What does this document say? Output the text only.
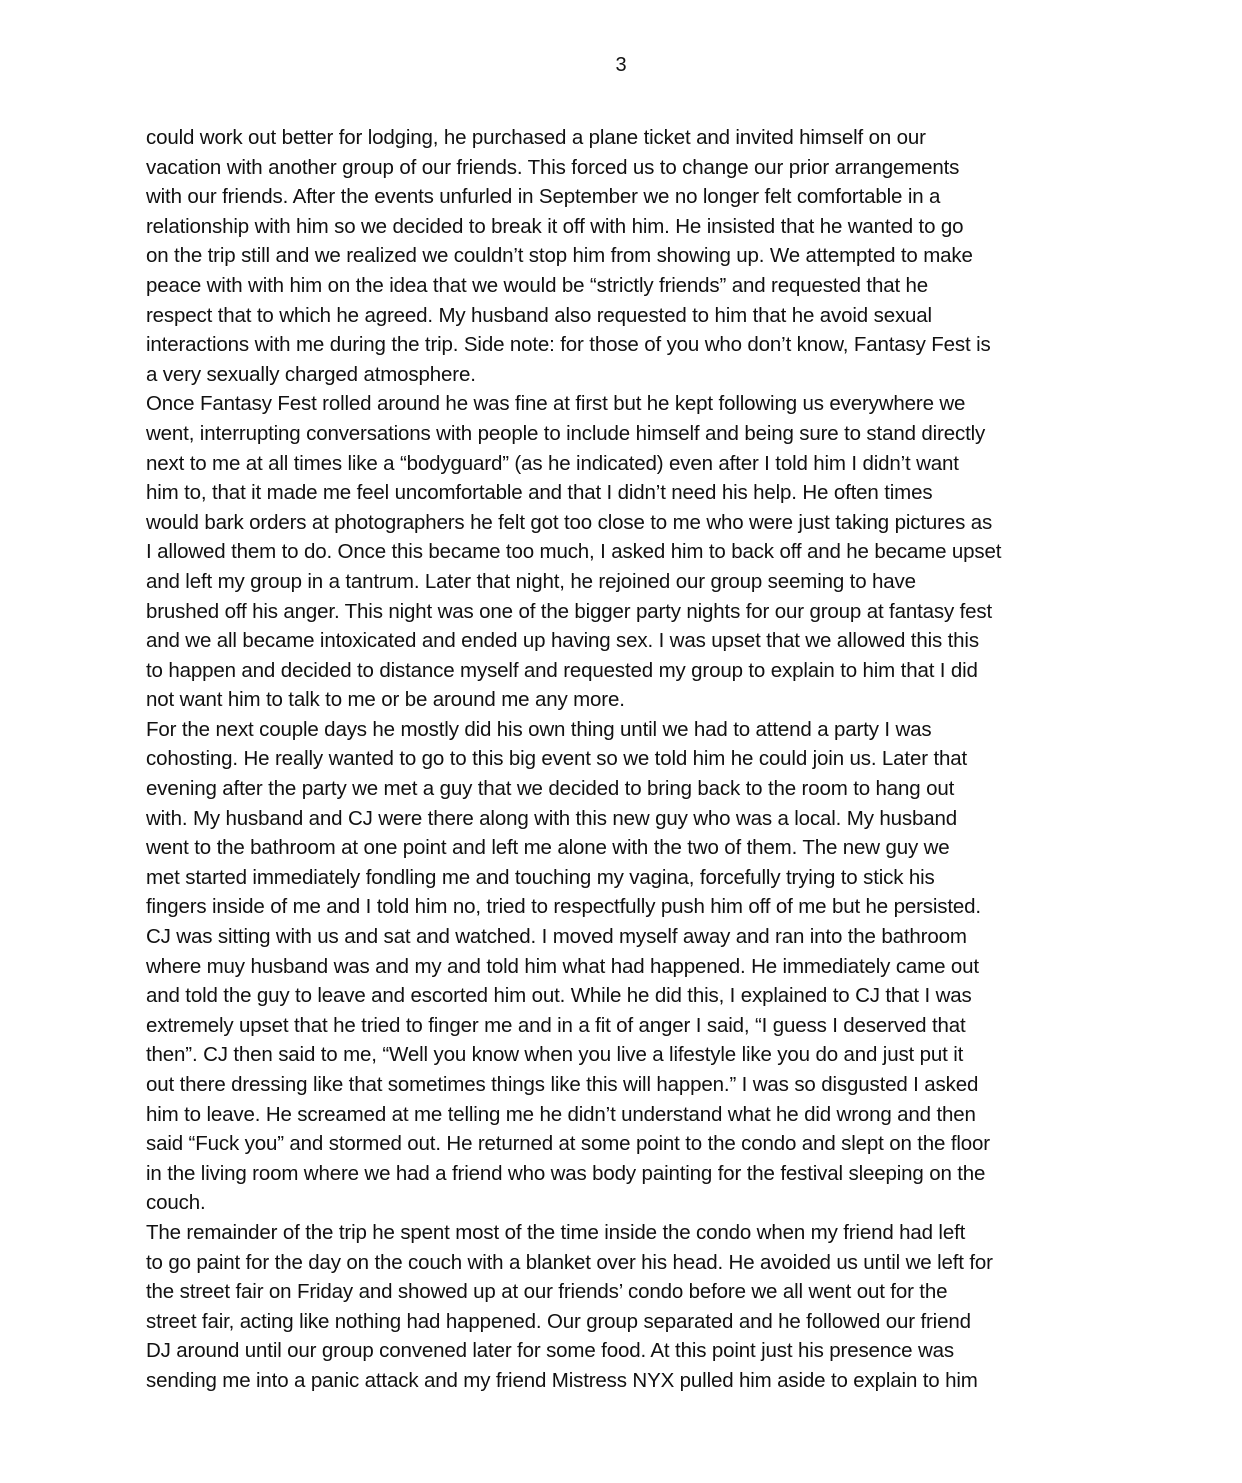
3
could work out better for lodging, he purchased a plane ticket and invited himself on our
vacation with another group of our friends. This forced us to change our prior arrangements
with our friends. After the events unfurled in September we no longer felt comfortable in a
relationship with him so we decided to break it off with him. He insisted that he wanted to go
on the trip still and we realized we couldn’t stop him from showing up. We attempted to make
peace with with him on the idea that we would be “strictly friends” and requested that he
respect that to which he agreed. My husband also requested to him that he avoid sexual
interactions with me during the trip. Side note: for those of you who don’t know, Fantasy Fest is
a very sexually charged atmosphere.
Once Fantasy Fest rolled around he was fine at first but he kept following us everywhere we
went, interrupting conversations with people to include himself and being sure to stand directly
next to me at all times like a “bodyguard” (as he indicated) even after I told him I didn’t want
him to, that it made me feel uncomfortable and that I didn’t need his help. He often times
would bark orders at photographers he felt got too close to me who were just taking pictures as
I allowed them to do. Once this became too much, I asked him to back off and he became upset
and left my group in a tantrum. Later that night, he rejoined our group seeming to have
brushed off his anger. This night was one of the bigger party nights for our group at fantasy fest
and we all became intoxicated and ended up having sex. I was upset that we allowed this this
to happen and decided to distance myself and requested my group to explain to him that I did
not want him to talk to me or be around me any more.
For the next couple days he mostly did his own thing until we had to attend a party I was
cohosting. He really wanted to go to this big event so we told him he could join us. Later that
evening after the party we met a guy that we decided to bring back to the room to hang out
with. My husband and CJ were there along with this new guy who was a local. My husband
went to the bathroom at one point and left me alone with the two of them. The new guy we
met started immediately fondling me and touching my vagina, forcefully trying to stick his
fingers inside of me and I told him no, tried to respectfully push him off of me but he persisted.
CJ was sitting with us and sat and watched. I moved myself away and ran into the bathroom
where muy husband was and my and told him what had happened. He immediately came out
and told the guy to leave and escorted him out. While he did this, I explained to CJ that I was
extremely upset that he tried to finger me and in a fit of anger I said, “I guess I deserved that
then”. CJ then said to me, “Well you know when you live a lifestyle like you do and just put it
out there dressing like that sometimes things like this will happen.” I was so disgusted I asked
him to leave. He screamed at me telling me he didn’t understand what he did wrong and then
said “Fuck you” and stormed out. He returned at some point to the condo and slept on the floor
in the living room where we had a friend who was body painting for the festival sleeping on the
couch.
The remainder of the trip he spent most of the time inside the condo when my friend had left
to go paint for the day on the couch with a blanket over his head. He avoided us until we left for
the street fair on Friday and showed up at our friends’ condo before we all went out for the
street fair, acting like nothing had happened. Our group separated and he followed our friend
DJ around until our group convened later for some food. At this point just his presence was
sending me into a panic attack and my friend Mistress NYX pulled him aside to explain to him
